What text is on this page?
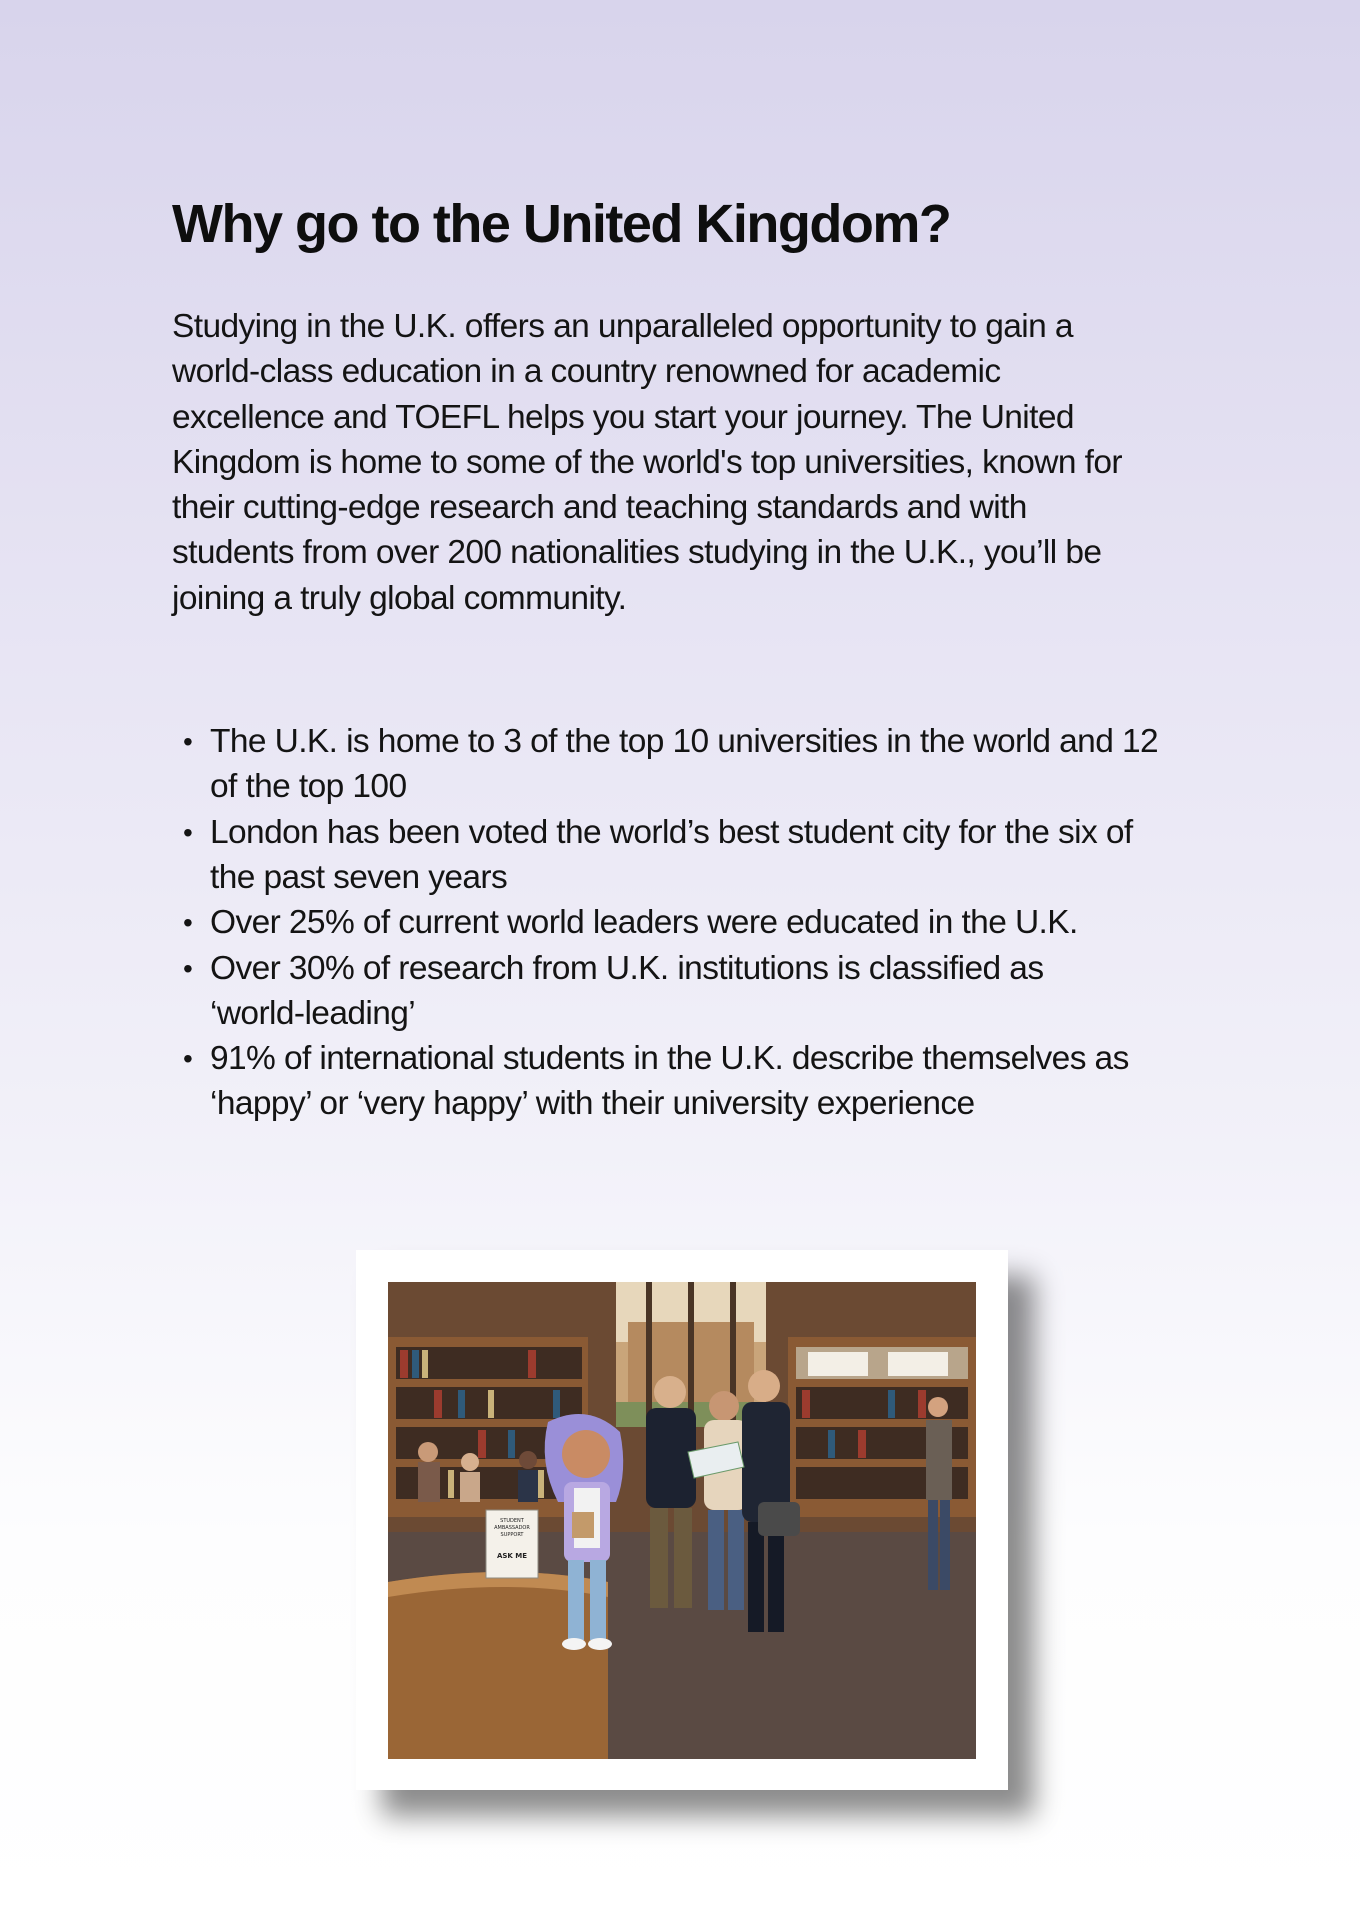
Why go to the United Kingdom?

Studying in the U.K. offers an unparalleled opportunity to gain a
world-class education in a country renowned for academic
excellence and TOEFL helps you start your journey. The United
Kingdom is home to some of the world's top universities, known for
their cutting-edge research and teaching standards and with
students from over 200 nationalities studying in the U.K., you’ll be
joining a truly global community.

• The U.K. is home to 3 of the top 10 universities in the world and 12
of the top 100
• London has been voted the world’s best student city for the six of
the past seven years
• Over 25% of current world leaders were educated in the U.K.
• Over 30% of research from U.K. institutions is classified as
‘world-leading’
• 91% of international students in the U.K. describe themselves as
‘happy’ or ‘very happy’ with their university experience
STUDENT
AMBASSADOR
SUPPORT
ASK ME
